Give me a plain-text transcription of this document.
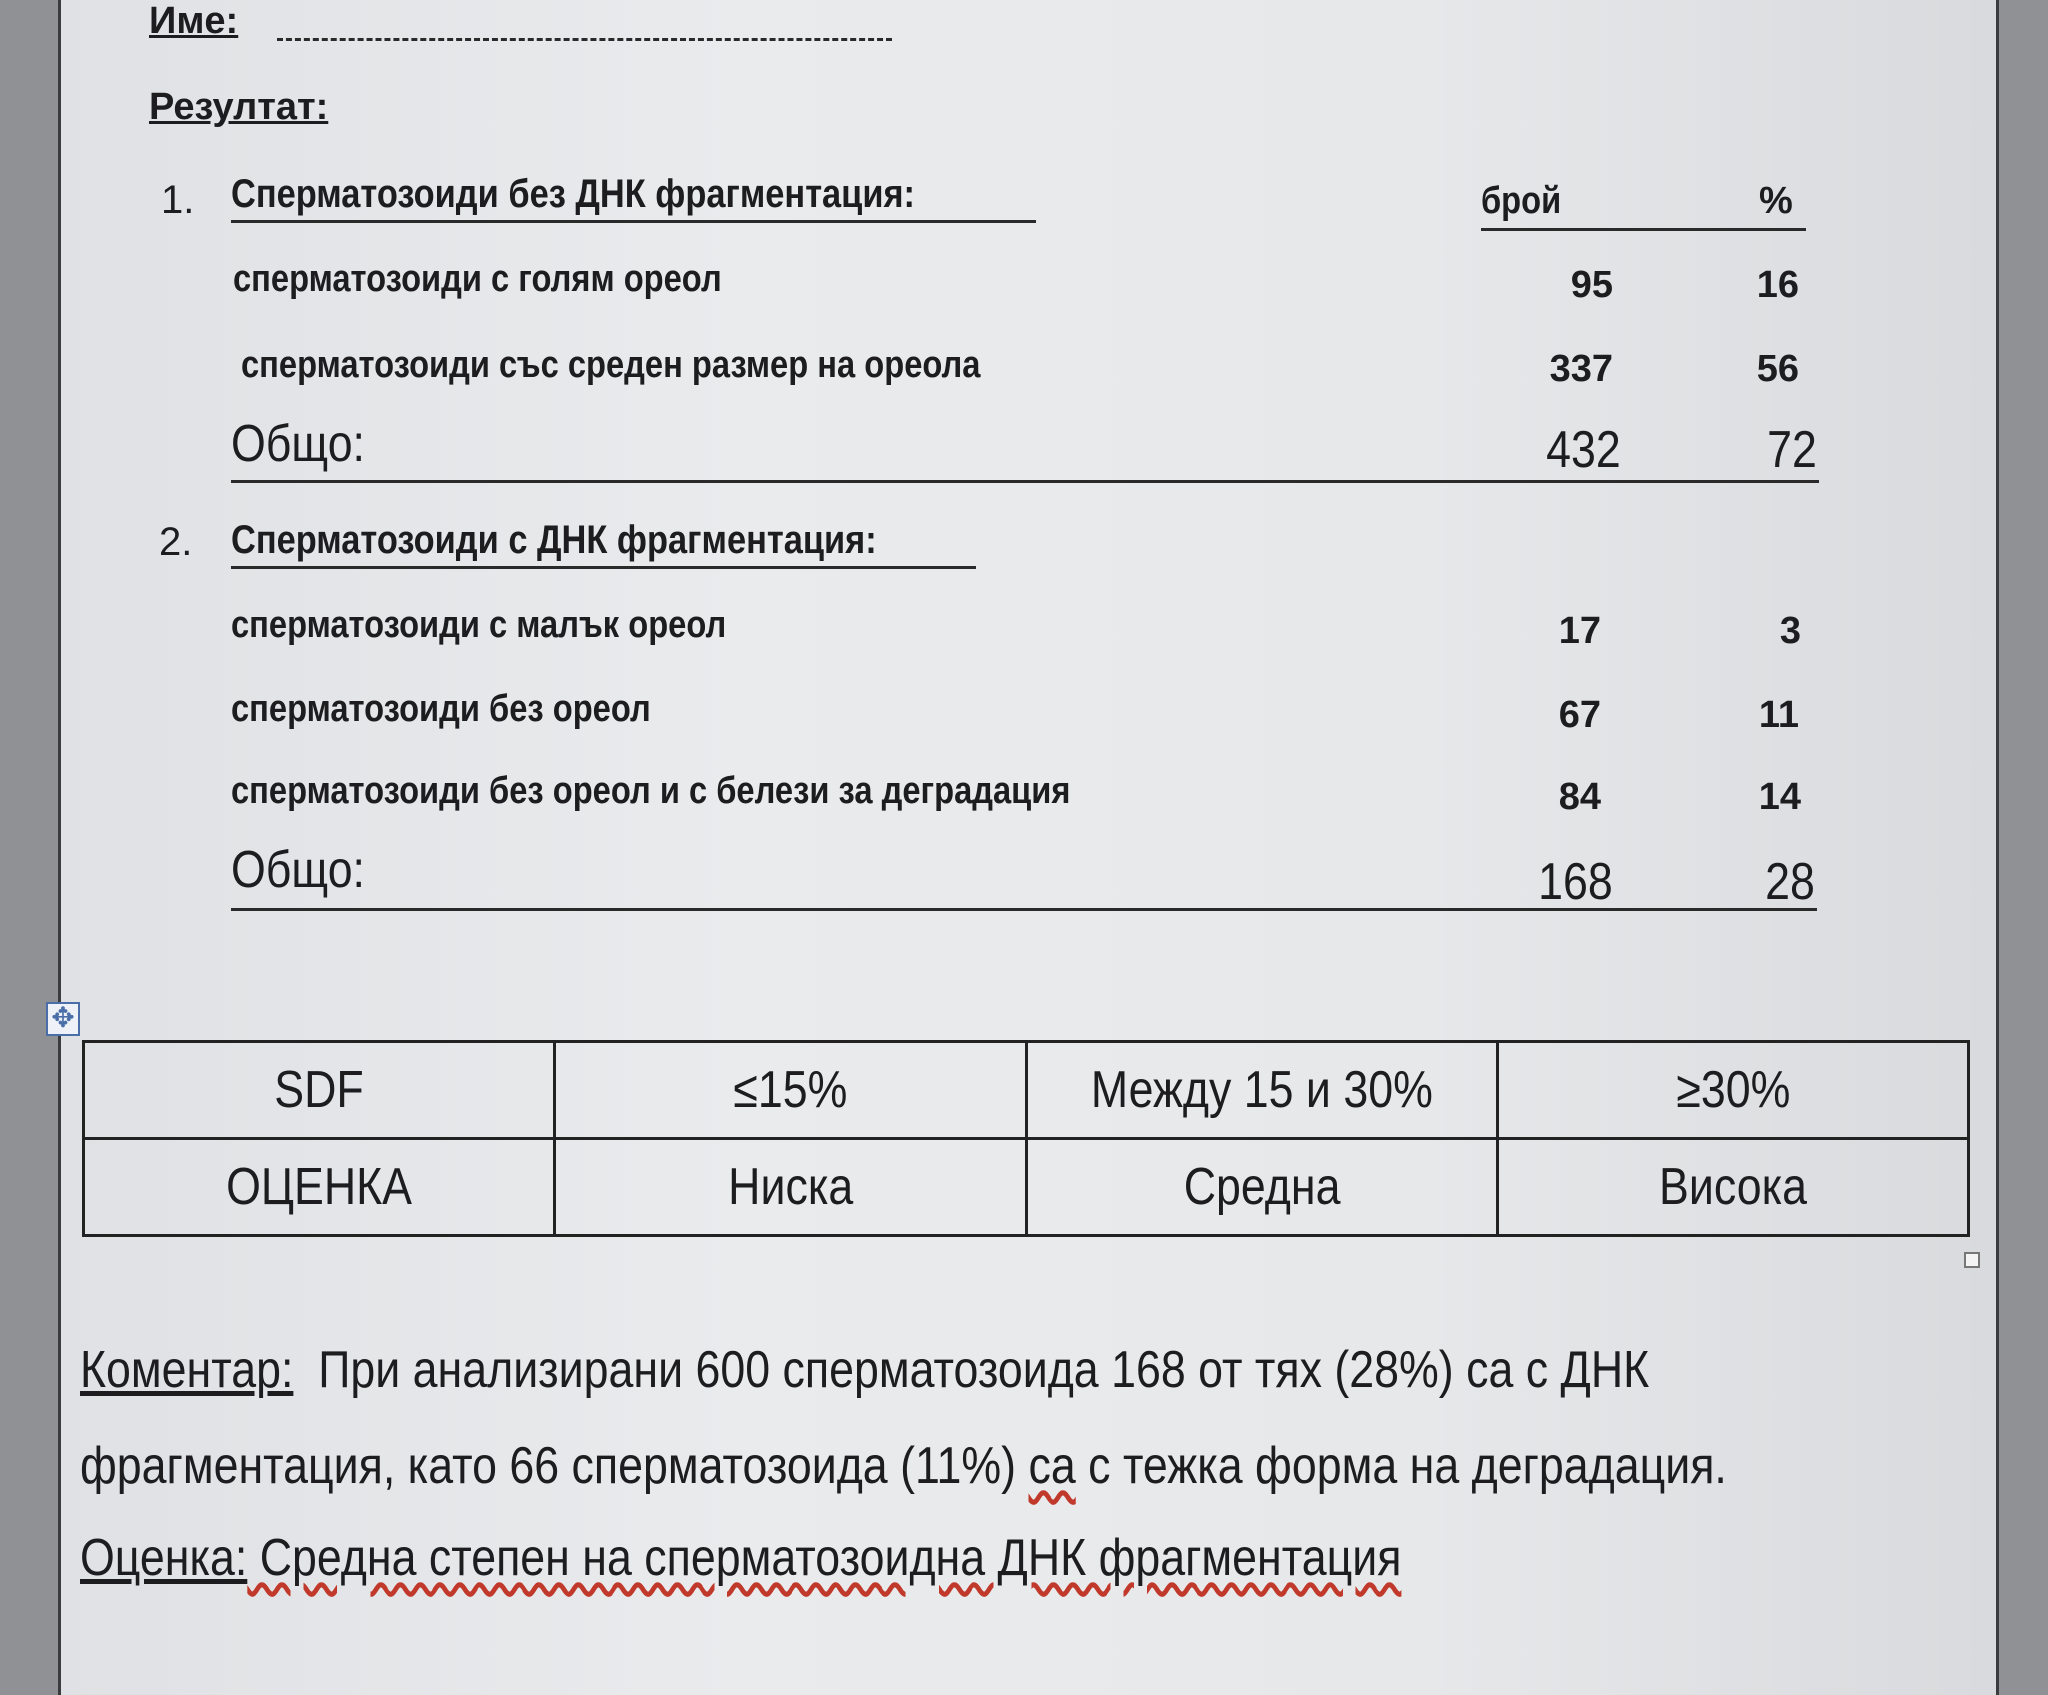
Име:
Резултат:
1. Сперматозоиди без ДНК фрагментация:	брой	%
сперматозоиди с голям ореол	95	16
сперматозоиди със среден размер на ореола	337	56
Общо:	432	72
2. Сперматозоиди с ДНК фрагментация:
сперматозоиди с малък ореол	17	3
сперматозоиди без ореол	67	11
сперматозоиди без ореол и с белези за деградация	84	14
Общо:	168	28
✥
SDF	≤15%	Между 15 и 30%	≥30%
ОЦЕНКА	Ниска	Средна	Висока
Коментар: При анализирани 600 сперматозоида 168 от тях (28%) са с ДНК
фрагментация, като 66 сперматозоида (11%) са с тежка форма на деградация.
Оценка: Средна степен на сперматозоидна ДНК фрагментация
